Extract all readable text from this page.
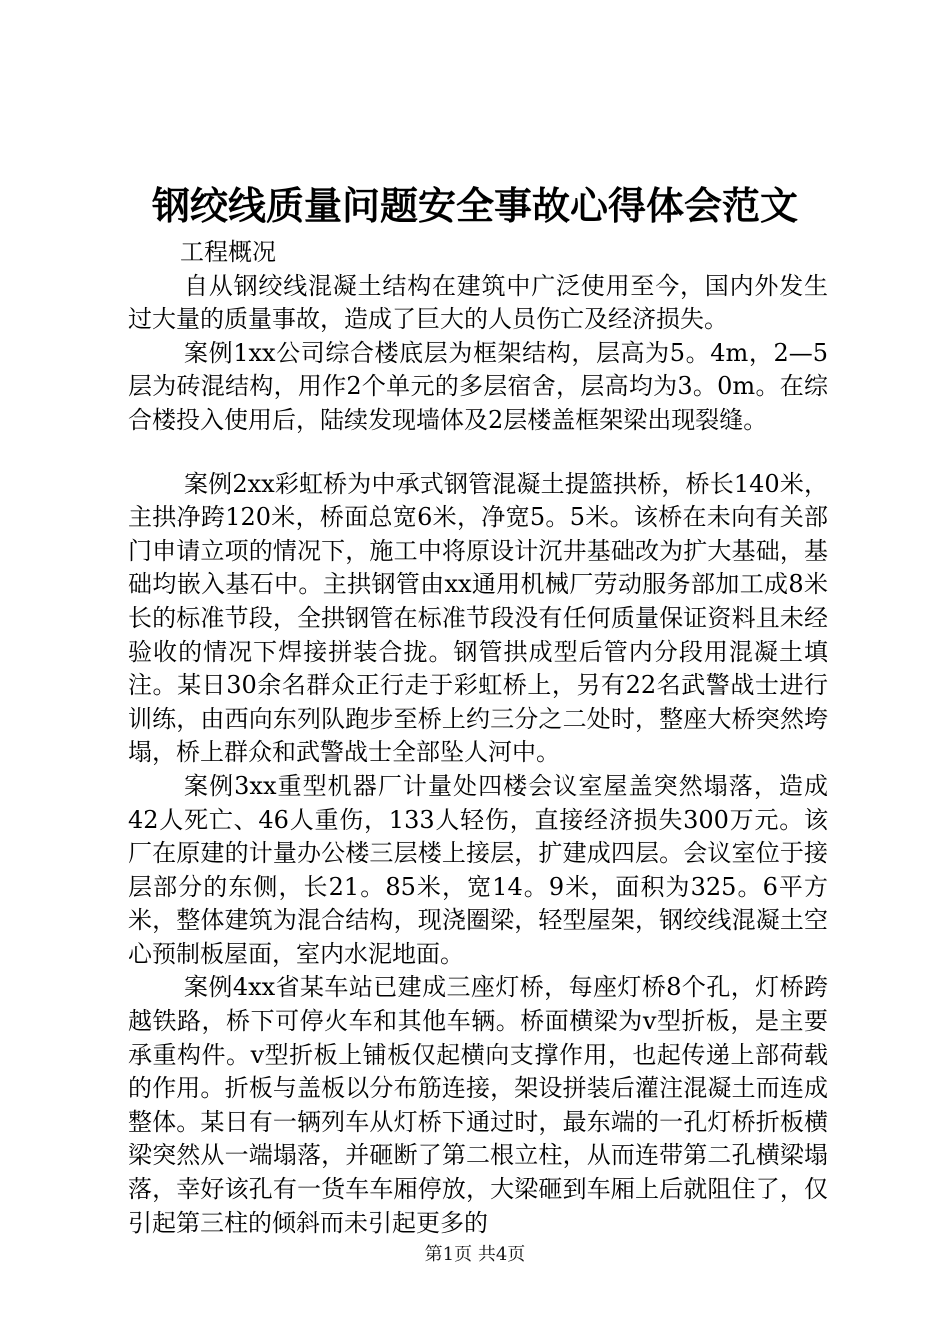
钢绞线质量问题安全事故心得体会范文

工程概况

自从钢绞线混凝土结构在建筑中广泛使用至今，国内外发生过大量的质量事故，造成了巨大的人员伤亡及经济损失。

案例1xx公司综合楼底层为框架结构，层高为5。4m，2—5层为砖混结构，用作2个单元的多层宿舍，层高均为3。0m。在综合楼投入使用后，陆续发现墙体及2层楼盖框架梁出现裂缝。

案例2xx彩虹桥为中承式钢管混凝土提篮拱桥，桥长140米，主拱净跨120米，桥面总宽6米，净宽5。5米。该桥在未向有关部门申请立项的情况下，施工中将原设计沉井基础改为扩大基础，基础均嵌入基石中。主拱钢管由xx通用机械厂劳动服务部加工成8米长的标准节段，全拱钢管在标准节段没有任何质量保证资料且未经验收的情况下焊接拼装合拢。钢管拱成型后管内分段用混凝土填注。某日30余名群众正行走于彩虹桥上，另有22名武警战士进行训练，由西向东列队跑步至桥上约三分之二处时，整座大桥突然垮塌，桥上群众和武警战士全部坠人河中。

案例3xx重型机器厂计量处四楼会议室屋盖突然塌落，造成42人死亡、46人重伤，133人轻伤，直接经济损失300万元。该厂在原建的计量办公楼三层楼上接层，扩建成四层。会议室位于接层部分的东侧，长21。85米，宽14。9米，面积为325。6平方米，整体建筑为混合结构，现浇圈梁，轻型屋架，钢绞线混凝土空心预制板屋面，室内水泥地面。

案例4xx省某车站已建成三座灯桥，每座灯桥8个孔，灯桥跨越铁路，桥下可停火车和其他车辆。桥面横梁为v型折板，是主要承重构件。v型折板上铺板仅起横向支撑作用，也起传递上部荷载的作用。折板与盖板以分布筋连接，架设拼装后灌注混凝土而连成整体。某日有一辆列车从灯桥下通过时，最东端的一孔灯桥折板横梁突然从一端塌落，并砸断了第二根立柱，从而连带第二孔横梁塌落，幸好该孔有一货车车厢停放，大梁砸到车厢上后就阻住了，仅引起第三柱的倾斜而未引起更多的

第1页 共4页
